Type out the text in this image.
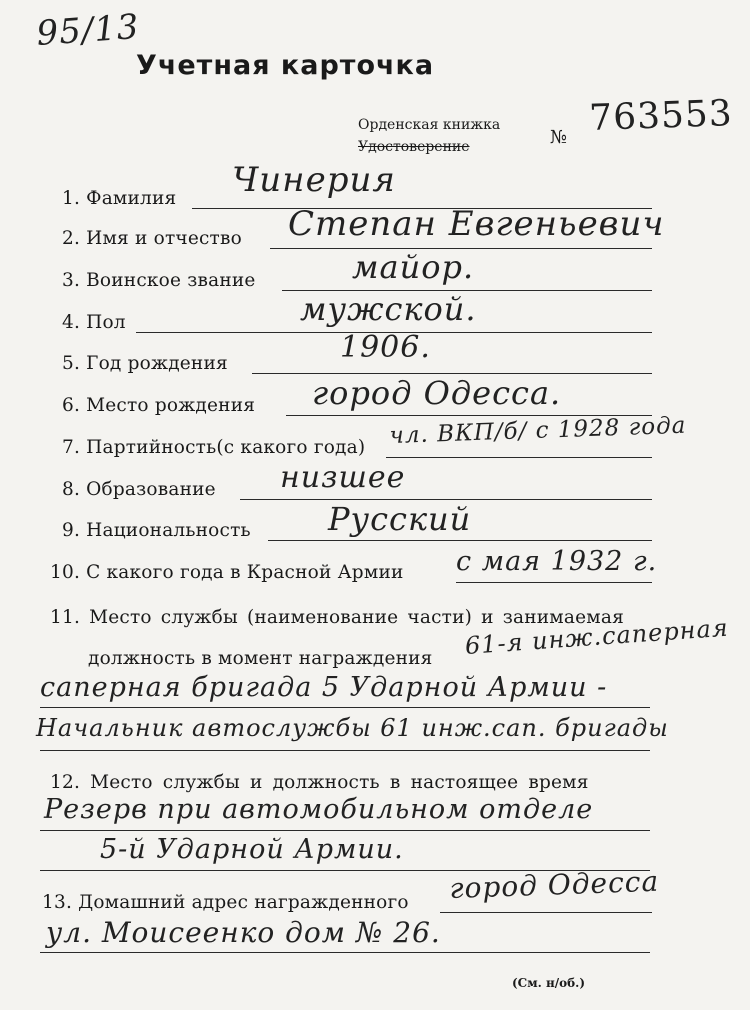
95/13
Учетная карточка
Орденская книжка
Удостоверение	№ 763553
1. Фамилия Чинерия
2. Имя и отчество Степан Евгеньевич
3. Воинское звание	майор.
4. Пол	мужской.
5. Год рождения	1906.
6. Место рождения город Одесса.
7. Партийность(с какого года) чл. ВКП/б/ с 1928 года
8. Образование низшее
9. Национальность Русский
10. С какого года в Красной Армии с мая 1932 г.
11. Место службы (наименование части) и занимаемая
должность в момент награждения 61-я инж.саперная
саперная бригада 5 Ударной Армии -
Начальник автослужбы 61 инж.сап. бригады
12. Место службы и должность в настоящее время
Резерв при автомобильном отделе
5-й Ударной Армии.
13. Домашний адрес награжденного город Одесса
ул. Моисеенко дом № 26.
(См. н/об.)
